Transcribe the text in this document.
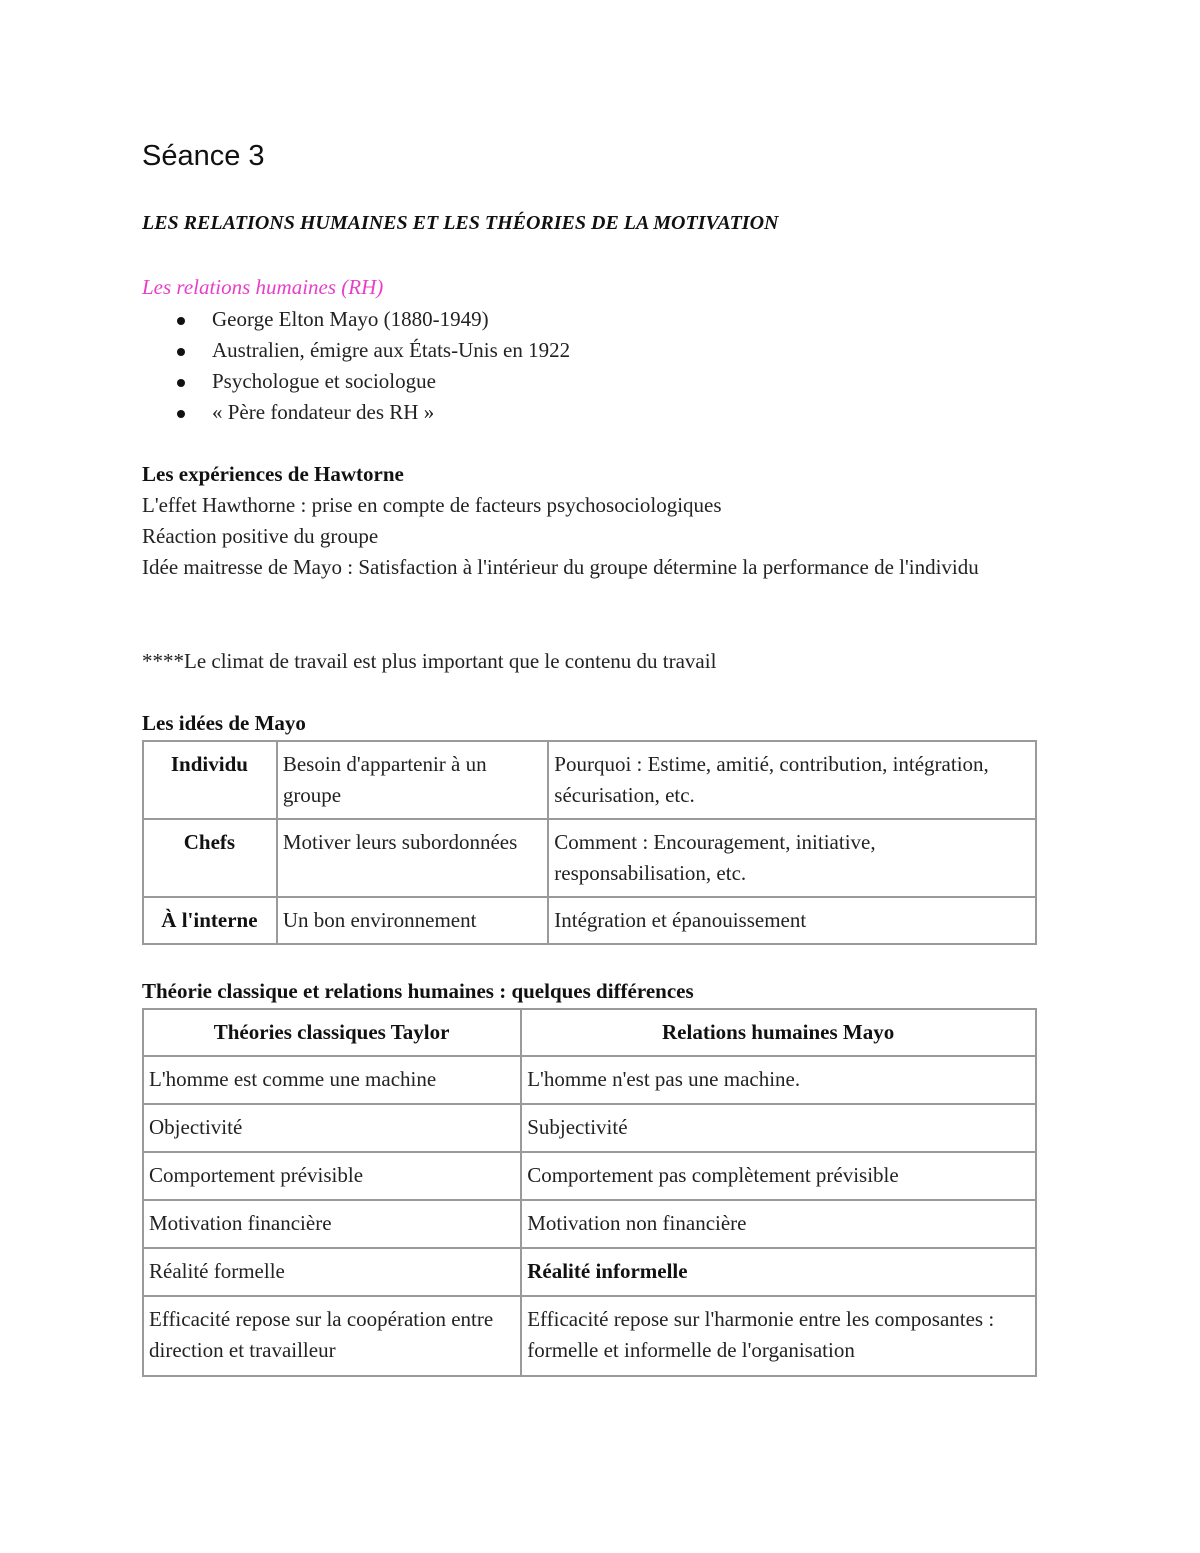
Séance 3

LES RELATIONS HUMAINES ET LES THÉORIES DE LA MOTIVATION

Les relations humaines (RH)

George Elton Mayo (1880-1949)
Australien, émigre aux États-Unis en 1922
Psychologue et sociologue
« Père fondateur des RH »

Les expériences de Hawtorne

L'effet Hawthorne : prise en compte de facteurs psychosociologiques

Réaction positive du groupe

Idée maitresse de Mayo : Satisfaction à l'intérieur du groupe détermine la performance de l'individu

****Le climat de travail est plus important que le contenu du travail

Les idées de Mayo

Individu	Besoin d'appartenir à un groupe	Pourquoi : Estime, amitié, contribution, intégration, sécurisation, etc.
Chefs	Motiver leurs subordonnées	Comment : Encouragement, initiative, responsabilisation, etc.
À l'interne	Un bon environnement	Intégration et épanouissement

Théorie classique et relations humaines : quelques différences

Théories classiques Taylor	Relations humaines Mayo
L'homme est comme une machine	L'homme n'est pas une machine.
Objectivité	Subjectivité
Comportement prévisible	Comportement pas complètement prévisible
Motivation financière	Motivation non financière
Réalité formelle	Réalité informelle
Efficacité repose sur la coopération entre direction et travailleur	Efficacité repose sur l'harmonie entre les composantes : formelle et informelle de l'organisation
